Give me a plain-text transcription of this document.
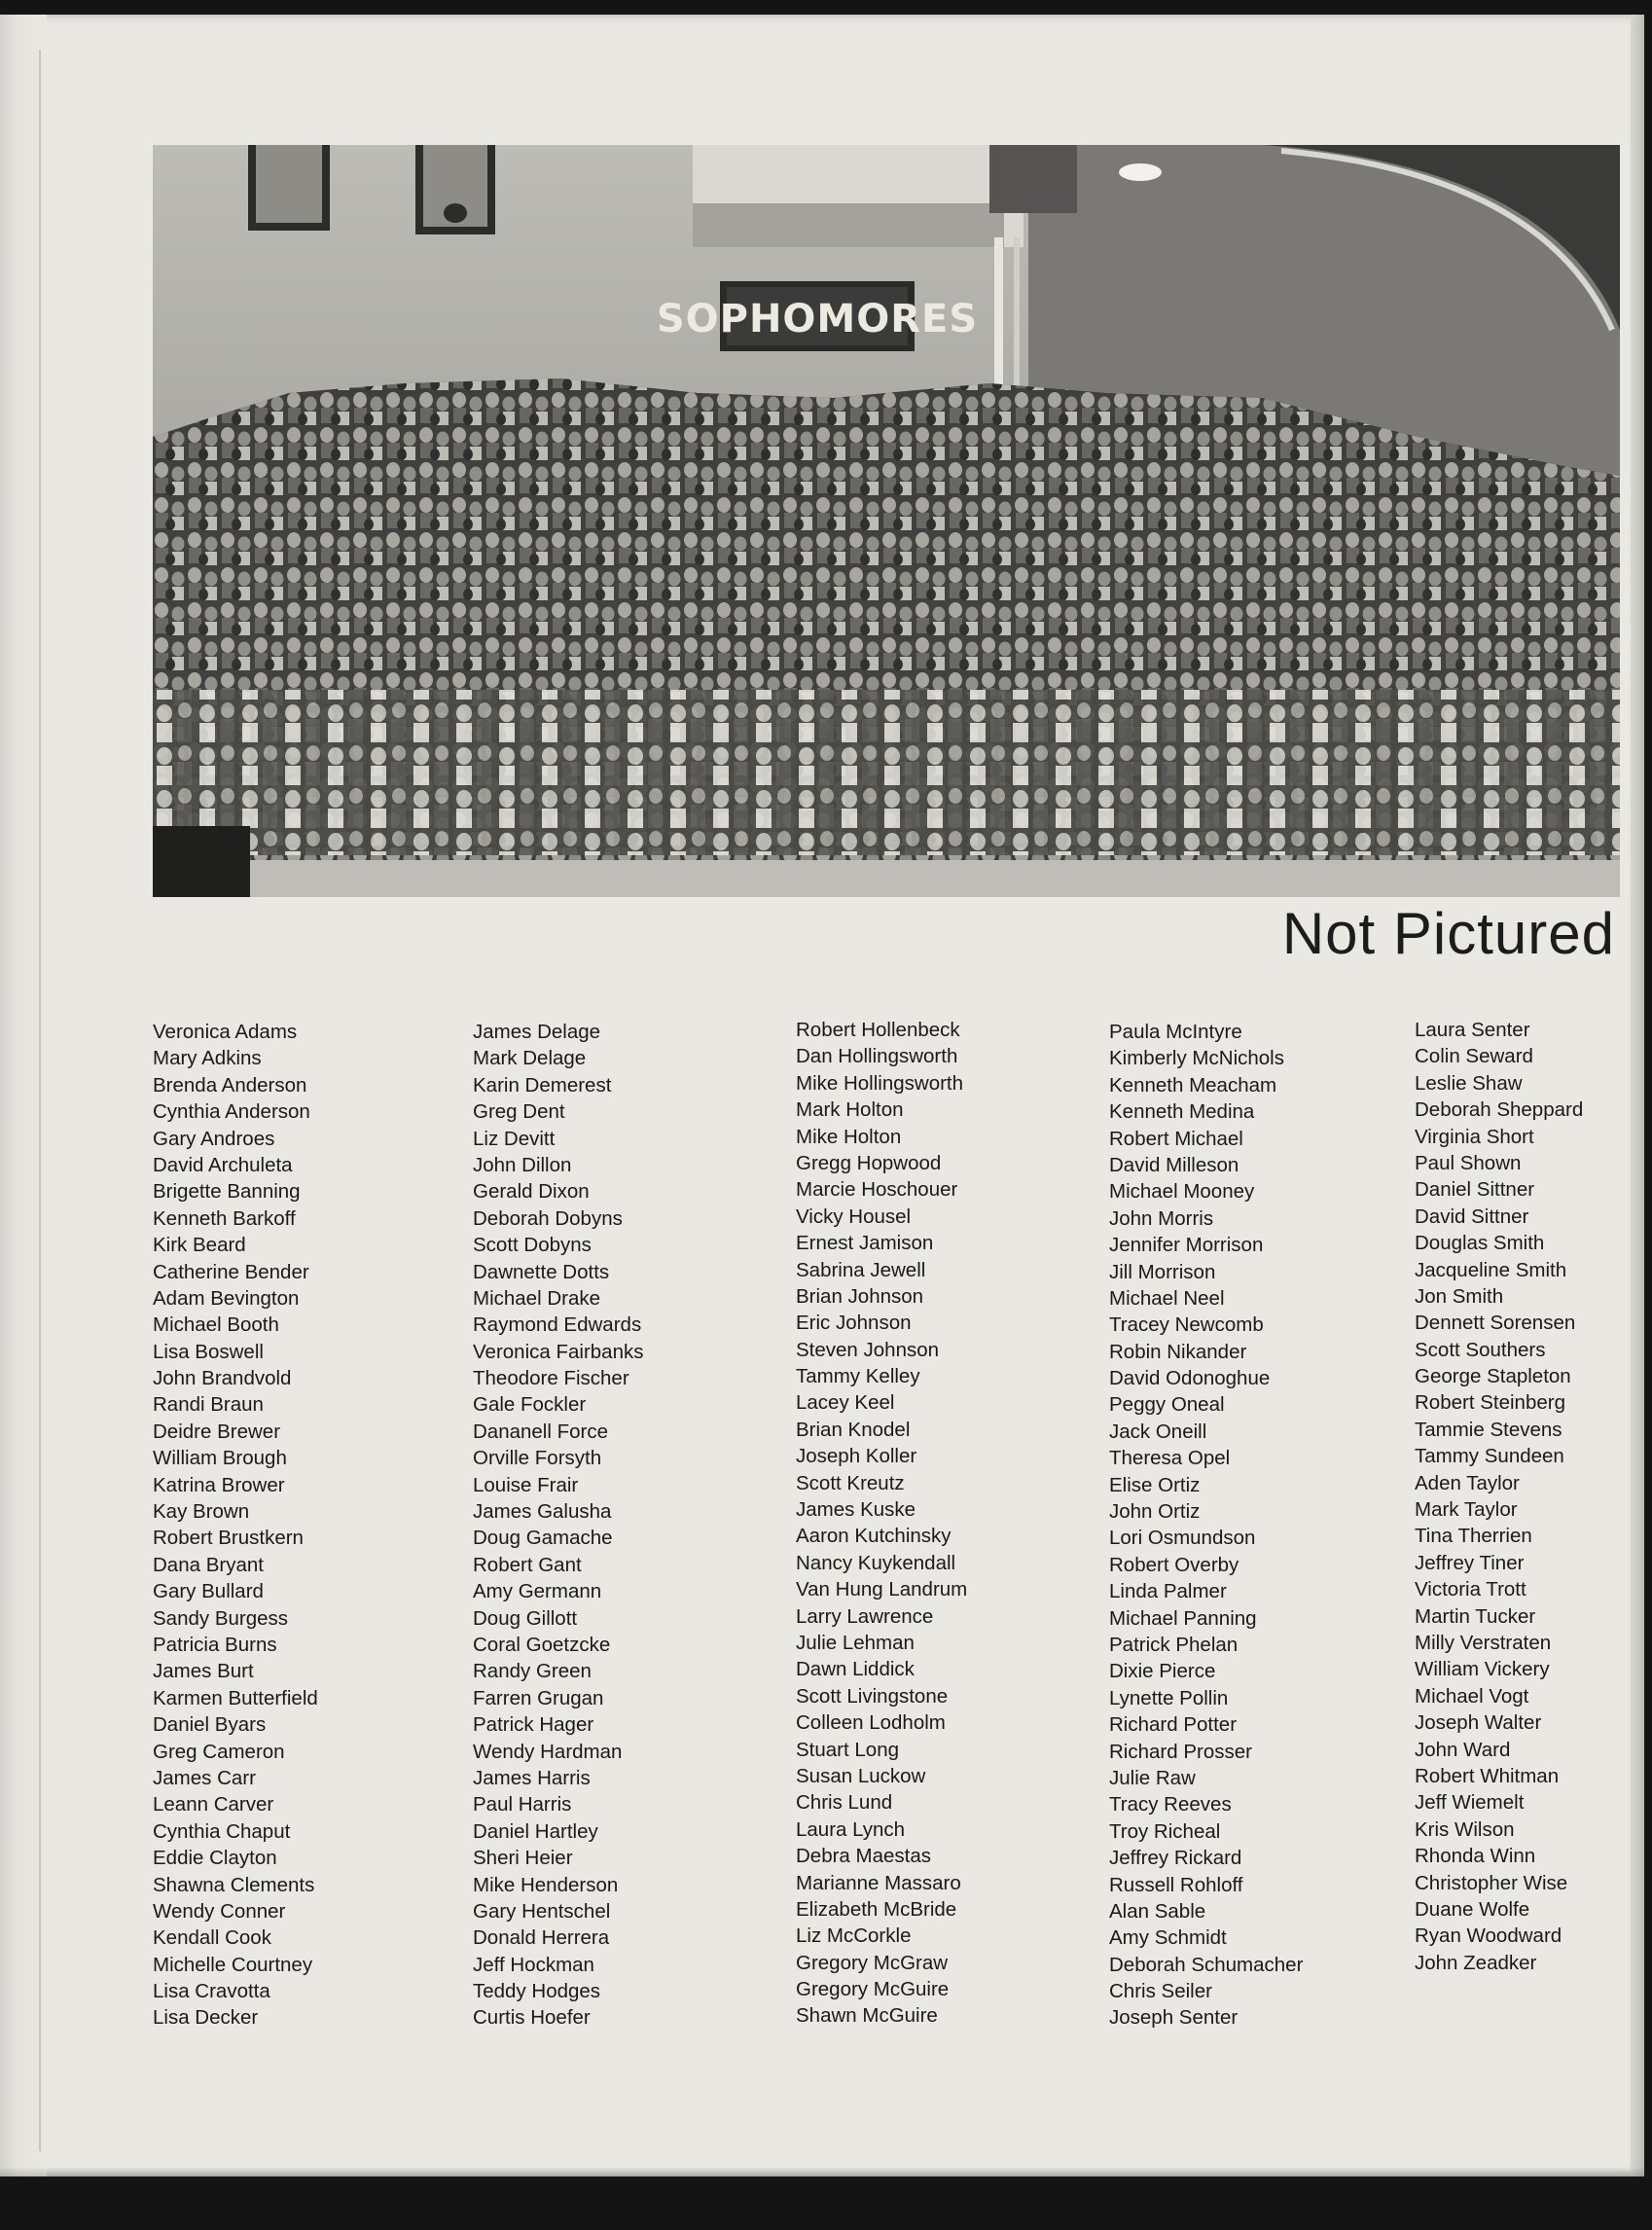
SOPHOMORES
Not Pictured
Veronica Adams
Mary Adkins
Brenda Anderson
Cynthia Anderson
Gary Androes
David Archuleta
Brigette Banning
Kenneth Barkoff
Kirk Beard
Catherine Bender
Adam Bevington
Michael Booth
Lisa Boswell
John Brandvold
Randi Braun
Deidre Brewer
William Brough
Katrina Brower
Kay Brown
Robert Brustkern
Dana Bryant
Gary Bullard
Sandy Burgess
Patricia Burns
James Burt
Karmen Butterfield
Daniel Byars
Greg Cameron
James Carr
Leann Carver
Cynthia Chaput
Eddie Clayton
Shawna Clements
Wendy Conner
Kendall Cook
Michelle Courtney
Lisa Cravotta
Lisa Decker
James Delage
Mark Delage
Karin Demerest
Greg Dent
Liz Devitt
John Dillon
Gerald Dixon
Deborah Dobyns
Scott Dobyns
Dawnette Dotts
Michael Drake
Raymond Edwards
Veronica Fairbanks
Theodore Fischer
Gale Fockler
Dananell Force
Orville Forsyth
Louise Frair
James Galusha
Doug Gamache
Robert Gant
Amy Germann
Doug Gillott
Coral Goetzcke
Randy Green
Farren Grugan
Patrick Hager
Wendy Hardman
James Harris
Paul Harris
Daniel Hartley
Sheri Heier
Mike Henderson
Gary Hentschel
Donald Herrera
Jeff Hockman
Teddy Hodges
Curtis Hoefer
Robert Hollenbeck
Dan Hollingsworth
Mike Hollingsworth
Mark Holton
Mike Holton
Gregg Hopwood
Marcie Hoschouer
Vicky Housel
Ernest Jamison
Sabrina Jewell
Brian Johnson
Eric Johnson
Steven Johnson
Tammy Kelley
Lacey Keel
Brian Knodel
Joseph Koller
Scott Kreutz
James Kuske
Aaron Kutchinsky
Nancy Kuykendall
Van Hung Landrum
Larry Lawrence
Julie Lehman
Dawn Liddick
Scott Livingstone
Colleen Lodholm
Stuart Long
Susan Luckow
Chris Lund
Laura Lynch
Debra Maestas
Marianne Massaro
Elizabeth McBride
Liz McCorkle
Gregory McGraw
Gregory McGuire
Shawn McGuire
Paula McIntyre
Kimberly McNichols
Kenneth Meacham
Kenneth Medina
Robert Michael
David Milleson
Michael Mooney
John Morris
Jennifer Morrison
Jill Morrison
Michael Neel
Tracey Newcomb
Robin Nikander
David Odonoghue
Peggy Oneal
Jack Oneill
Theresa Opel
Elise Ortiz
John Ortiz
Lori Osmundson
Robert Overby
Linda Palmer
Michael Panning
Patrick Phelan
Dixie Pierce
Lynette Pollin
Richard Potter
Richard Prosser
Julie Raw
Tracy Reeves
Troy Richeal
Jeffrey Rickard
Russell Rohloff
Alan Sable
Amy Schmidt
Deborah Schumacher
Chris Seiler
Joseph Senter
Laura Senter
Colin Seward
Leslie Shaw
Deborah Sheppard
Virginia Short
Paul Shown
Daniel Sittner
David Sittner
Douglas Smith
Jacqueline Smith
Jon Smith
Dennett Sorensen
Scott Southers
George Stapleton
Robert Steinberg
Tammie Stevens
Tammy Sundeen
Aden Taylor
Mark Taylor
Tina Therrien
Jeffrey Tiner
Victoria Trott
Martin Tucker
Milly Verstraten
William Vickery
Michael Vogt
Joseph Walter
John Ward
Robert Whitman
Jeff Wiemelt
Kris Wilson
Rhonda Winn
Christopher Wise
Duane Wolfe
Ryan Woodward
John Zeadker
